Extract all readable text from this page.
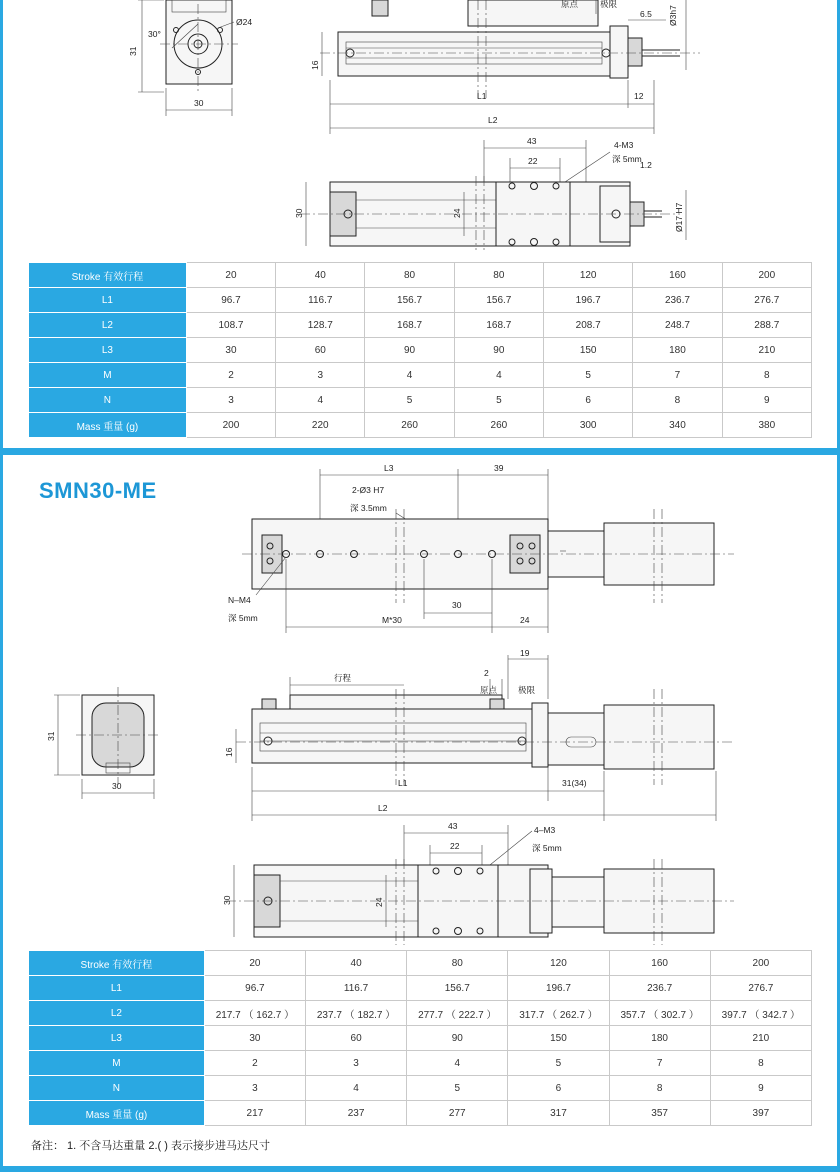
Ø24
30°
31
30
原点	极限
6.5 Ø3h7
16
L1	12
L2
43
22
4-M3
深 5mm
1.2
30	24	Ø17 H7
Stroke 有效行程	20	40	80	80	120	160	200
L1	96.7	116.7	156.7	156.7	196.7	236.7	276.7
L2	108.7	128.7	168.7	168.7	208.7	248.7	288.7
L3	30	60	90	90	150	180	210
M	2	3	4	4	5	7	8
N	3	4	5	5	6	8	9
Mass 重量 (g)	200	220	260	260	300	340	380
SMN30-ME
L3	39
2-Ø3 H7
深 3.5mm
N–M4
深 5mm
30
M*30	24
31
30
行程	2
19
原点 极限
16
L1	31(34)
L2
43
22
4–M3
深 5mm
30	24
Stroke 有效行程	20	40	80	120	160	200
L1	96.7	116.7	156.7	196.7	236.7	276.7
L2	217.7 （ 162.7 ）	237.7 （ 182.7 ）	277.7 （ 222.7 ）	317.7 （ 262.7 ）	357.7 （ 302.7 ）	397.7 （ 342.7 ）
L3	30	60	90	150	180	210
M	2	3	4	5	7	8
N	3	4	5	6	8	9
Mass 重量 (g)	217	237	277	317	357	397
备注： 1. 不含马达重量 2.( ) 表示接步进马达尺寸
